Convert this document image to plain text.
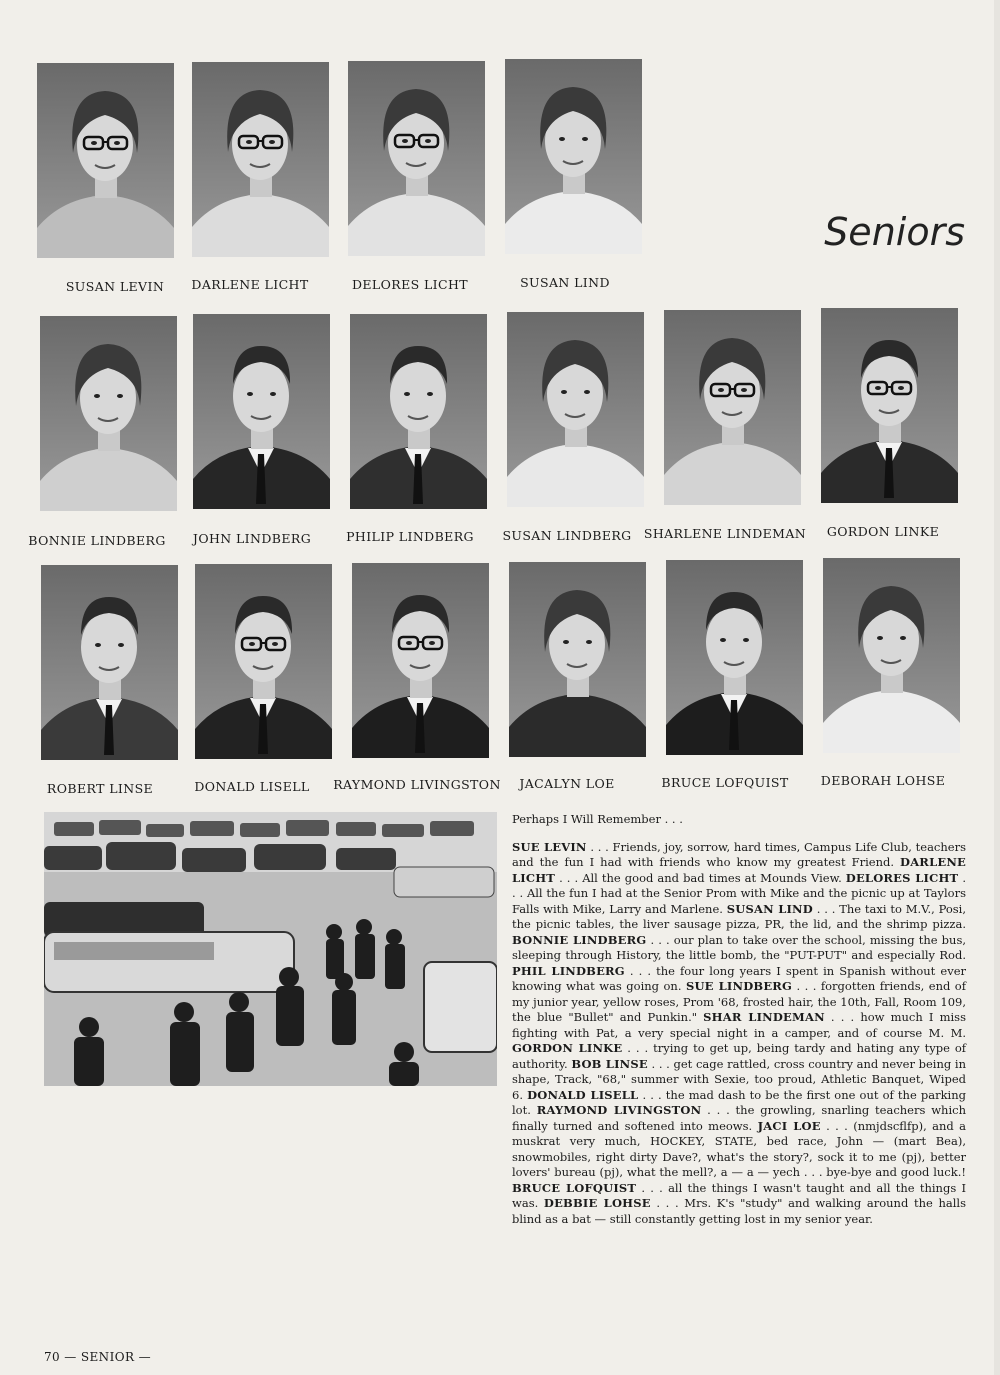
Seniors
SUSAN LEVIN	DARLENE LICHT	DELORES LICHT	SUSAN LIND
BONNIE LINDBERG	JOHN LINDBERG	PHILIP LINDBERG	SUSAN LINDBERG SHARLENE LINDEMAN	GORDON LINKE
ROBERT LINSE	DONALD LISELL	RAYMOND LIVINGSTON	JACALYN LOE	BRUCE LOFQUIST	DEBORAH LOHSE
Perhaps I Will Remember . . .
SUE LEVIN . . . Friends, joy, sorrow, hard times, Campus Life Club, teachers and the fun I had with friends who know my greatest Friend. DARLENE LICHT . . . All the good and bad times at Mounds View. DELORES LICHT . . . All the fun I had at the Senior Prom with Mike and the picnic up at Taylors Falls with Mike, Larry and Marlene. SUSAN LIND . . . The taxi to M.V., Posi, the picnic tables, the liver sausage pizza, PR, the lid, and the shrimp pizza. BONNIE LINDBERG . . . our plan to take over the school, missing the bus, sleeping through History, the little bomb, the "PUT-PUT" and especially Rod. PHIL LINDBERG . . . the four long years I spent in Spanish without ever knowing what was going on. SUE LINDBERG . . . forgotten friends, end of my junior year, yellow roses, Prom '68, frosted hair, the 10th, Fall, Room 109, the blue "Bullet" and Punkin." SHAR LINDEMAN . . . how much I miss fighting with Pat, a very special night in a camper, and of course M. M. GORDON LINKE . . . trying to get up, being tardy and hating any type of authority. BOB LINSE . . . get cage rattled, cross country and never being in shape, Track, "68," summer with Sexie, too proud, Athletic Banquet, Wiped 6. DONALD LISELL . . . the mad dash to be the first one out of the parking lot. RAYMOND LIVINGSTON . . . the growling, snarling teachers which finally turned and softened into meows. JACI LOE . . . (nmjdscflfp), and a muskrat very much, HOCKEY, STATE, bed race, John — (mart Bea), snowmobiles, right dirty Dave?, what's the story?, sock it to me (pj), better lovers' bureau (pj), what the mell?, a — a — yech . . . bye-bye and good luck.! BRUCE LOFQUIST . . . all the things I wasn't taught and all the things I was. DEBBIE LOHSE . . . Mrs. K's "study" and walking around the halls blind as a bat — still constantly getting lost in my senior year.
70 — SENIOR —
